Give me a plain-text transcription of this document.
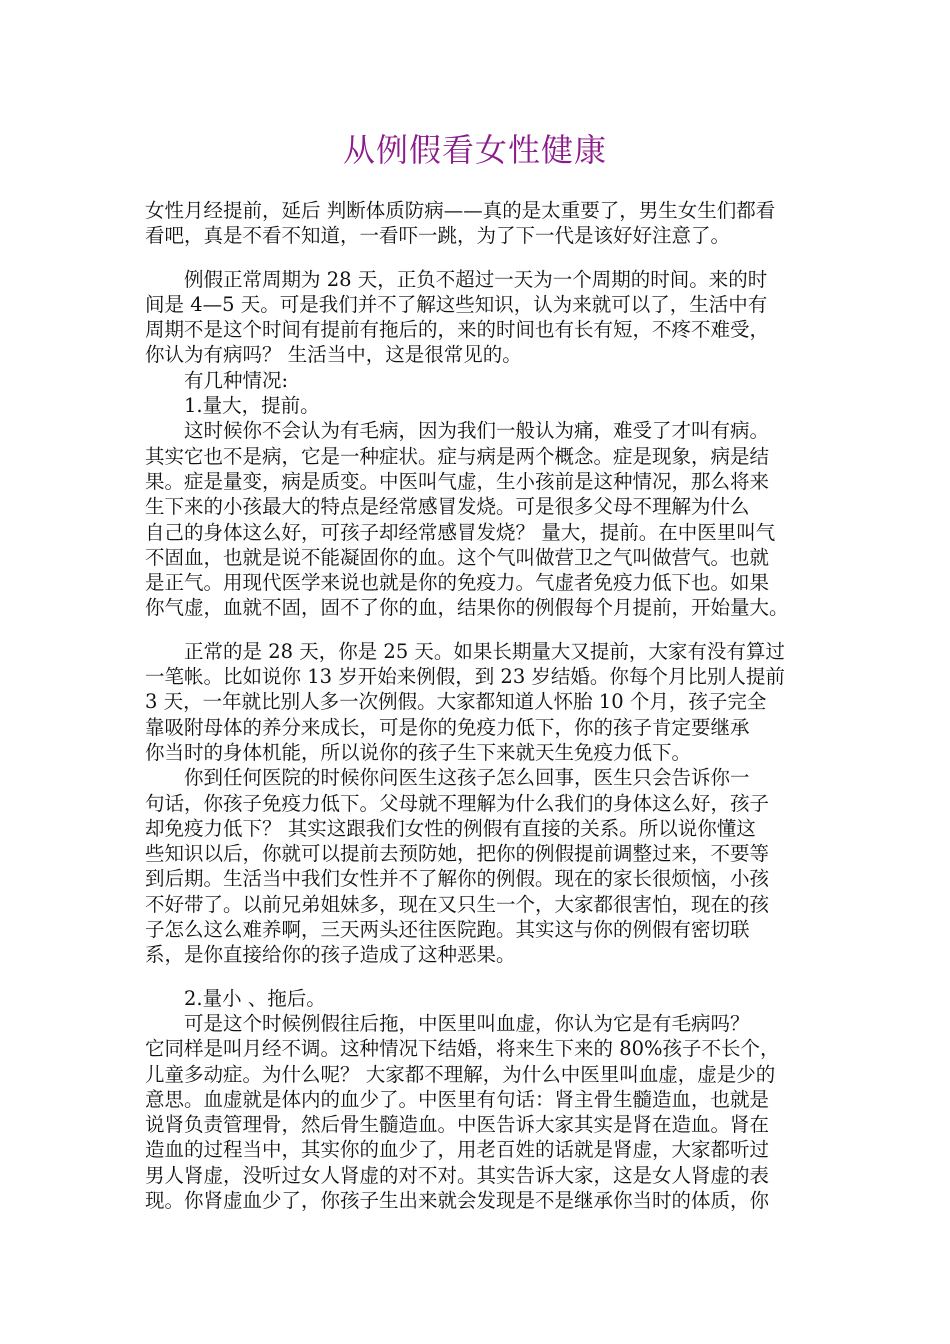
从例假看女性健康
女性月经提前，延后 判断体质防病——真的是太重要了，男生女生们都看
看吧，真是不看不知道，一看吓一跳，为了下一代是该好好注意了。
　　例假正常周期为 28 天，正负不超过一天为一个周期的时间。来的时
间是 4—5 天。可是我们并不了解这些知识，认为来就可以了，生活中有
周期不是这个时间有提前有拖后的，来的时间也有长有短，不疼不难受，
你认为有病吗？ 生活当中，这是很常见的。
　　有几种情况:
　　1.量大，提前。
　　这时候你不会认为有毛病，因为我们一般认为痛，难受了才叫有病。
其实它也不是病，它是一种症状。症与病是两个概念。症是现象，病是结
果。症是量变，病是质变。中医叫气虚，生小孩前是这种情况，那么将来
生下来的小孩最大的特点是经常感冒发烧。可是很多父母不理解为什么
自己的身体这么好，可孩子却经常感冒发烧？ 量大，提前。在中医里叫气
不固血，也就是说不能凝固你的血。这个气叫做营卫之气叫做营气。也就
是正气。用现代医学来说也就是你的免疫力。气虚者免疫力低下也。如果
你气虚，血就不固，固不了你的血，结果你的例假每个月提前，开始量大。
　　正常的是 28 天，你是 25 天。如果长期量大又提前，大家有没有算过
一笔帐。比如说你 13 岁开始来例假，到 23 岁结婚。你每个月比别人提前
3 天，一年就比别人多一次例假。大家都知道人怀胎 10 个月，孩子完全
靠吸附母体的养分来成长，可是你的免疫力低下，你的孩子肯定要继承
你当时的身体机能，所以说你的孩子生下来就天生免疫力低下。
　　你到任何医院的时候你问医生这孩子怎么回事，医生只会告诉你一
句话，你孩子免疫力低下。父母就不理解为什么我们的身体这么好，孩子
却免疫力低下？ 其实这跟我们女性的例假有直接的关系。所以说你懂这
些知识以后，你就可以提前去预防她，把你的例假提前调整过来，不要等
到后期。生活当中我们女性并不了解你的例假。现在的家长很烦恼，小孩
不好带了。以前兄弟姐妹多，现在又只生一个，大家都很害怕，现在的孩
子怎么这么难养啊，三天两头还往医院跑。其实这与你的例假有密切联
系，是你直接给你的孩子造成了这种恶果。
　　2.量小 、拖后。
　　可是这个时候例假往后拖，中医里叫血虚，你认为它是有毛病吗？
它同样是叫月经不调。这种情况下结婚，将来生下来的 80%孩子不长个，
儿童多动症。为什么呢？ 大家都不理解，为什么中医里叫血虚，虚是少的
意思。血虚就是体内的血少了。中医里有句话：肾主骨生髓造血，也就是
说肾负责管理骨，然后骨生髓造血。中医告诉大家其实是肾在造血。肾在
造血的过程当中，其实你的血少了，用老百姓的话就是肾虚，大家都听过
男人肾虚，没听过女人肾虚的对不对。其实告诉大家，这是女人肾虚的表
现。你肾虚血少了，你孩子生出来就会发现是不是继承你当时的体质，你
